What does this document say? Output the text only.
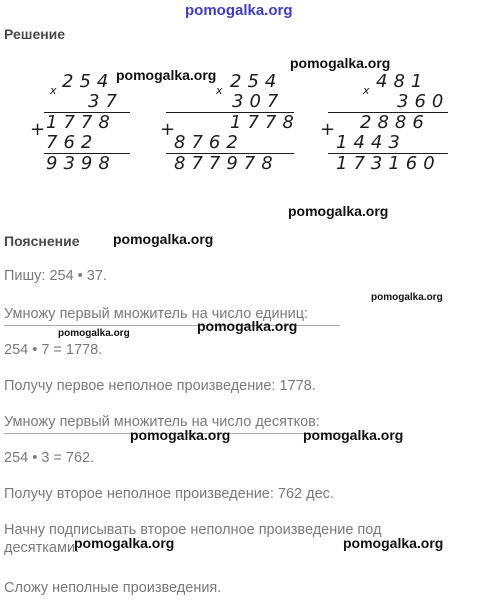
pomogalka.org
Решение
x 254
37
+ 1778
762
9398
x 254
307
+	1778
8762
877978
x 481
360
+ 2886
1443
173160
pomogalka.org
pomogalka.org
pomogalka.org
Пояснение pomogalka.org
Пишу: 254 • 37.
pomogalka.org
Умножу первый множитель на число единиц:
pomogalka.org	pomogalka.org
254 • 7 = 1778.
Получу первое неполное произведение: 1778.
Умножу первый множитель на число десятков:
pomogalka.org	pomogalka.org
254 • 3 = 762.
Получу второе неполное произведение: 762 дес.
Начну подписывать второе неполное произведение под
десятками.
pomogalka.org	pomogalka.org
Сложу неполные произведения.
